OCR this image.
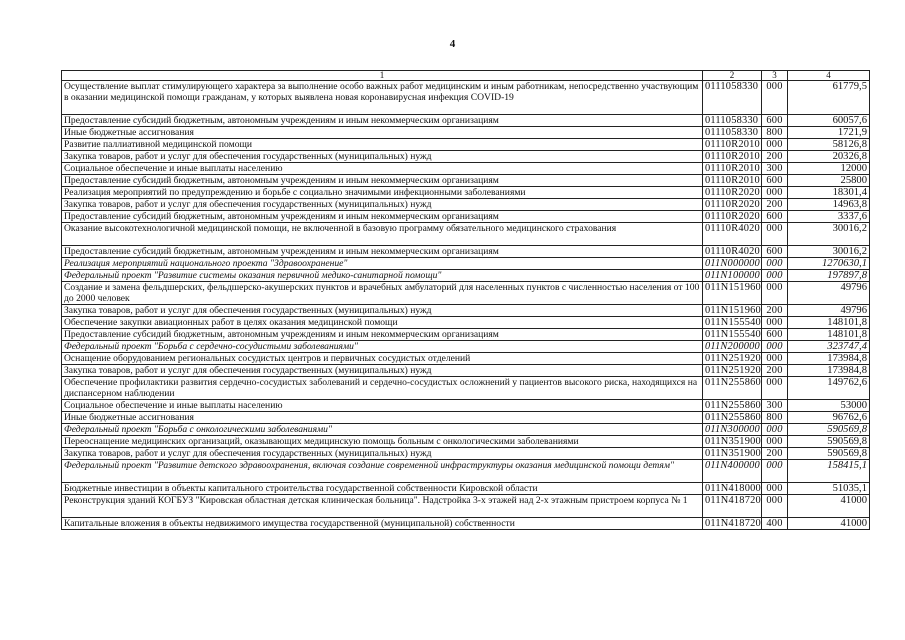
4
1	2	3	4
Осуществление выплат стимулирующего характера за выполнение особо важных работ медицинским и иным работникам, непосредственно участвующим в оказании медицинской помощи гражданам, у которых выявлена новая коронавирусная инфекция COVID-19	0111058330	000	61779,5
Предоставление субсидий бюджетным, автономным учреждениям и иным некоммерческим организациям	0111058330	600	60057,6
Иные бюджетные ассигнования	0111058330	800	1721,9
Развитие паллиативной медицинской помощи	01110R2010	000	58126,8
Закупка товаров, работ и услуг для обеспечения государственных (муниципальных) нужд	01110R2010	200	20326,8
Социальное обеспечение и иные выплаты населению	01110R2010	300	12000
Предоставление субсидий бюджетным, автономным учреждениям и иным некоммерческим организациям	01110R2010	600	25800
Реализация мероприятий по предупреждению и борьбе с социально значимыми инфекционными заболеваниями	01110R2020	000	18301,4
Закупка товаров, работ и услуг для обеспечения государственных (муниципальных) нужд	01110R2020	200	14963,8
Предоставление субсидий бюджетным, автономным учреждениям и иным некоммерческим организациям	01110R2020	600	3337,6
Оказание высокотехнологичной медицинской помощи, не включенной в базовую программу обязательного медицинского страхования	01110R4020	000	30016,2
Предоставление субсидий бюджетным, автономным учреждениям и иным некоммерческим организациям	01110R4020	600	30016,2
Реализация мероприятий национального проекта "Здравоохранение"	011N000000	000	1270630,1
Федеральный проект "Развитие системы оказания первичной медико-санитарной помощи"	011N100000	000	197897,8
Создание и замена фельдшерских, фельдшерско-акушерских пунктов и врачебных амбулаторий для населенных пунктов с численностью населения от 100 до 2000 человек	011N151960	000	49796
Закупка товаров, работ и услуг для обеспечения государственных (муниципальных) нужд	011N151960	200	49796
Обеспечение закупки авиационных работ в целях оказания медицинской помощи	011N155540	000	148101,8
Предоставление субсидий бюджетным, автономным учреждениям и иным некоммерческим организациям	011N155540	600	148101,8
Федеральный проект "Борьба с сердечно-сосудистыми заболеваниями"	011N200000	000	323747,4
Оснащение оборудованием региональных сосудистых центров и первичных сосудистых отделений	011N251920	000	173984,8
Закупка товаров, работ и услуг для обеспечения государственных (муниципальных) нужд	011N251920	200	173984,8
Обеспечение профилактики развития сердечно-сосудистых заболеваний и сердечно-сосудистых осложнений у пациентов высокого риска, находящихся на диспансерном наблюдении	011N255860	000	149762,6
Социальное обеспечение и иные выплаты населению	011N255860	300	53000
Иные бюджетные ассигнования	011N255860	800	96762,6
Федеральный проект "Борьба с онкологическими заболеваниями"	011N300000	000	590569,8
Переоснащение медицинских организаций, оказывающих медицинскую помощь больным с онкологическими заболеваниями	011N351900	000	590569,8
Закупка товаров, работ и услуг для обеспечения государственных (муниципальных) нужд	011N351900	200	590569,8
Федеральный проект "Развитие детского здравоохранения, включая создание современной инфраструктуры оказания медицинской помощи детям"	011N400000	000	158415,1
Бюджетные инвестиции в объекты капитального строительства государственной собственности Кировской области	011N418000	000	51035,1
Реконструкция зданий КОГБУЗ "Кировская областная детская клиническая больница". Надстройка 3-х этажей над 2-х этажным пристроем корпуса № 1	011N418720	000	41000
Капитальные вложения в объекты недвижимого имущества государственной (муниципальной) собственности	011N418720	400	41000
